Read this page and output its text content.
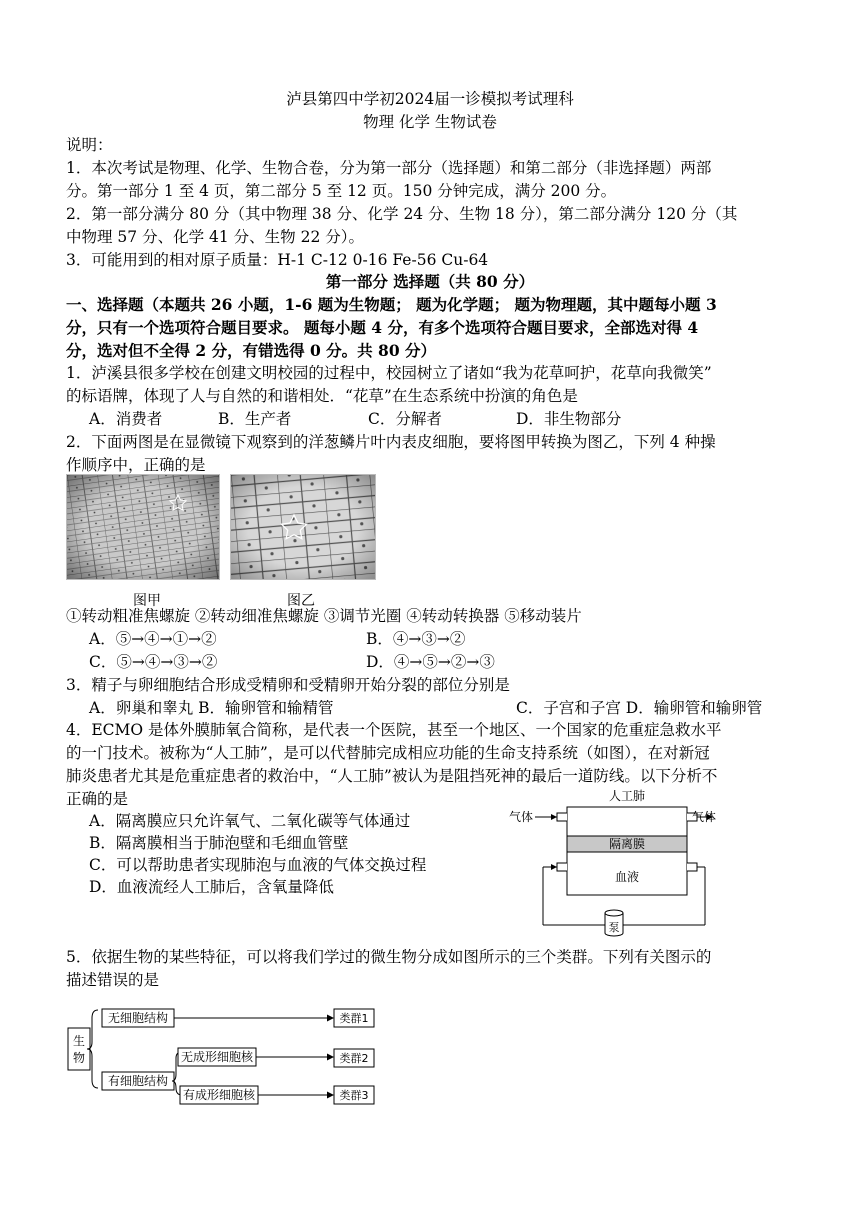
泸县第四中学初2024届一诊模拟考试理科
物理 化学 生物试卷
说明：
1．本次考试是物理、化学、生物合卷，分为第一部分（选择题）和第二部分（非选择题）两部
分。第一部分 1 至 4 页，第二部分 5 至 12 页。150 分钟完成，满分 200 分。
2．第一部分满分 80 分（其中物理 38 分、化学 24 分、生物 18 分），第二部分满分 120 分（其
中物理 57 分、化学 41 分、生物 22 分）。
3．可能用到的相对原子质量：H-1 C-12 0-16 Fe-56 Cu-64
第一部分 选择题（共 80 分）
一、选择题（本题共 26 小题，1-6 题为生物题； 题为化学题； 题为物理题，其中题每小题 3
分，只有一个选项符合题目要求。 题每小题 4 分，有多个选项符合题目要求，全部选对得 4
分，选对但不全得 2 分，有错选得 0 分。共 80 分）
1．泸溪县很多学校在创建文明校园的过程中，校园树立了诸如“我为花草呵护，花草向我微笑”
的标语牌，体现了人与自然的和谐相处．“花草”在生态系统中扮演的角色是
A．消费者	B．生产者	C．分解者	D．非生物部分
2．下面两图是在显微镜下观察到的洋葱鳞片叶内表皮细胞，要将图甲转换为图乙，下列 4 种操
作顺序中，正确的是
图甲	图乙
①转动粗准焦螺旋 ②转动细准焦螺旋 ③调节光圈 ④转动转换器 ⑤移动装片
A．⑤→④→①→②	B．④→③→②
C．⑤→④→③→②	D．④→⑤→②→③
3．精子与卵细胞结合形成受精卵和受精卵开始分裂的部位分别是
A．卵巢和睾丸 B．输卵管和输精管	C．子宫和子宫 D．输卵管和输卵管
4．ECMO 是体外膜肺氧合简称，是代表一个医院，甚至一个地区、一个国家的危重症急救水平
的一门技术。被称为“人工肺”，是可以代替肺完成相应功能的生命支持系统（如图），在对新冠
肺炎患者尤其是危重症患者的救治中，“人工肺”被认为是阻挡死神的最后一道防线。以下分析不
正确的是
A．隔离膜应只允许氧气、二氧化碳等气体通过
B．隔离膜相当于肺泡壁和毛细血管壁
C．可以帮助患者实现肺泡与血液的气体交换过程
D．血液流经人工肺后，含氧量降低
人工肺
气体	气体
隔离膜
血液
泵
5．依据生物的某些特征，可以将我们学过的微生物分成如图所示的三个类群。下列有关图示的
描述错误的是
生
物
无细胞结构
有细胞结构
无成形细胞核
有成形细胞核
类群1
类群2
类群3
